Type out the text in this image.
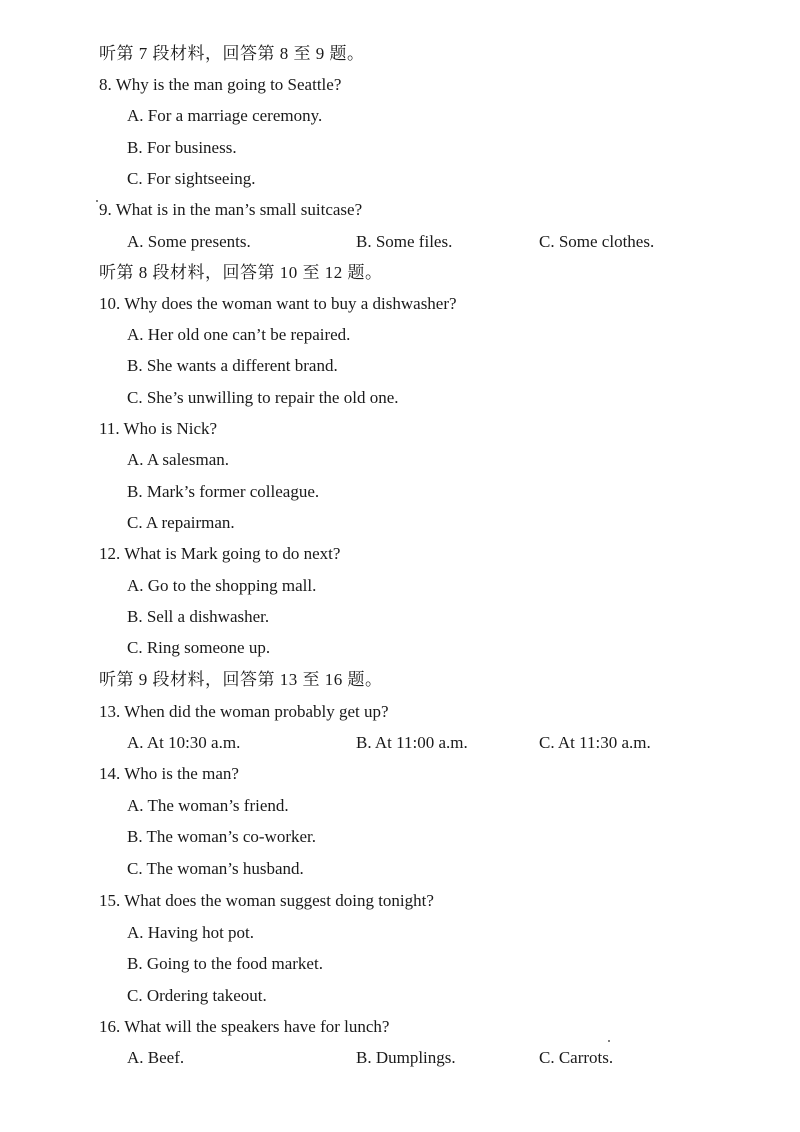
听第 7 段材料，回答第 8 至 9 题。
8. Why is the man going to Seattle?
A. For a marriage ceremony.
B. For business.
C. For sightseeing.
9. What is in the man’s small suitcase?
A. Some presents.	B. Some files.	C. Some clothes.
听第 8 段材料，回答第 10 至 12 题。
10. Why does the woman want to buy a dishwasher?
A. Her old one can’t be repaired.
B. She wants a different brand.
C. She’s unwilling to repair the old one.
11. Who is Nick?
A. A salesman.
B. Mark’s former colleague.
C. A repairman.
12. What is Mark going to do next?
A. Go to the shopping mall.
B. Sell a dishwasher.
C. Ring someone up.
听第 9 段材料，回答第 13 至 16 题。
13. When did the woman probably get up?
A. At 10:30 a.m.	B. At 11:00 a.m.	C. At 11:30 a.m.
14. Who is the man?
A. The woman’s friend.
B. The woman’s co-worker.
C. The woman’s husband.
15. What does the woman suggest doing tonight?
A. Having hot pot.
B. Going to the food market.
C. Ordering takeout.
16. What will the speakers have for lunch?
A. Beef.	B. Dumplings.	C. Carrots.
